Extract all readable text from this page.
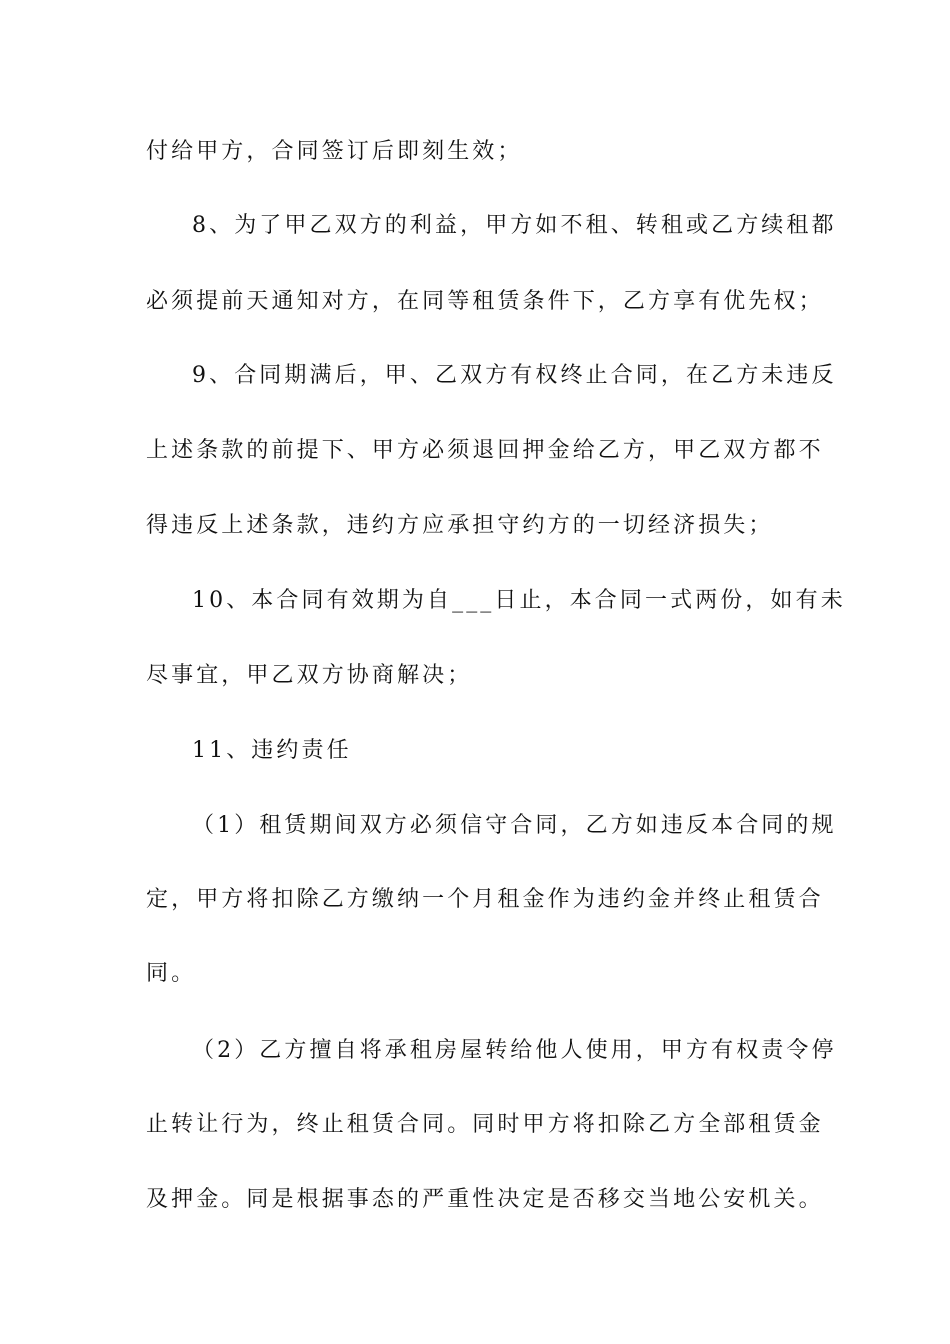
付给甲方，合同签订后即刻生效；
8、为了甲乙双方的利益，甲方如不租、转租或乙方续租都
必须提前天通知对方，在同等租赁条件下，乙方享有优先权；
9、合同期满后，甲、乙双方有权终止合同，在乙方未违反
上述条款的前提下、甲方必须退回押金给乙方，甲乙双方都不
得违反上述条款，违约方应承担守约方的一切经济损失；
10、本合同有效期为自___日止，本合同一式两份，如有未
尽事宜，甲乙双方协商解决；
11、违约责任
（1）租赁期间双方必须信守合同，乙方如违反本合同的规
定，甲方将扣除乙方缴纳一个月租金作为违约金并终止租赁合
同。
（2）乙方擅自将承租房屋转给他人使用，甲方有权责令停
止转让行为，终止租赁合同。同时甲方将扣除乙方全部租赁金
及押金。同是根据事态的严重性决定是否移交当地公安机关。
